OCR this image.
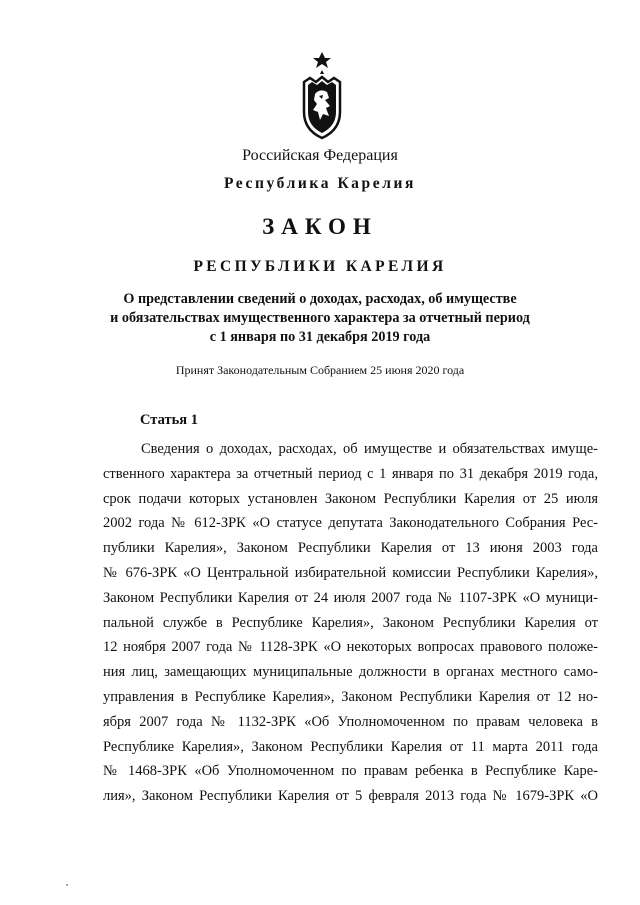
Российская Федерация
Республика Карелия
ЗАКОН
РЕСПУБЛИКИ КАРЕЛИЯ
О представлении сведений о доходах, расходах, об имуществе
и обязательствах имущественного характера за отчетный период
с 1 января по 31 декабря 2019 года
Принят Законодательным Собранием 25 июня 2020 года
Статья 1
Сведения о доходах, расходах, об имуществе и обязательствах имуще-
ственного характера за отчетный период с 1 января по 31 декабря 2019 года,
срок подачи которых установлен Законом Республики Карелия от 25 июля
2002 года № 612-ЗРК «О статусе депутата Законодательного Собрания Рес-
публики Карелия», Законом Республики Карелия от 13 июня 2003 года
№ 676-ЗРК «О Центральной избирательной комиссии Республики Карелия»,
Законом Республики Карелия от 24 июля 2007 года № 1107-ЗРК «О муници-
пальной службе в Республике Карелия», Законом Республики Карелия от
12 ноября 2007 года № 1128-ЗРК «О некоторых вопросах правового положе-
ния лиц, замещающих муниципальные должности в органах местного само-
управления в Республике Карелия», Законом Республики Карелия от 12 но-
ября 2007 года № 1132-ЗРК «Об Уполномоченном по правам человека в
Республике Карелия», Законом Республики Карелия от 11 марта 2011 года
№ 1468-ЗРК «Об Уполномоченном по правам ребенка в Республике Каре-
лия», Законом Республики Карелия от 5 февраля 2013 года № 1679-ЗРК «О
